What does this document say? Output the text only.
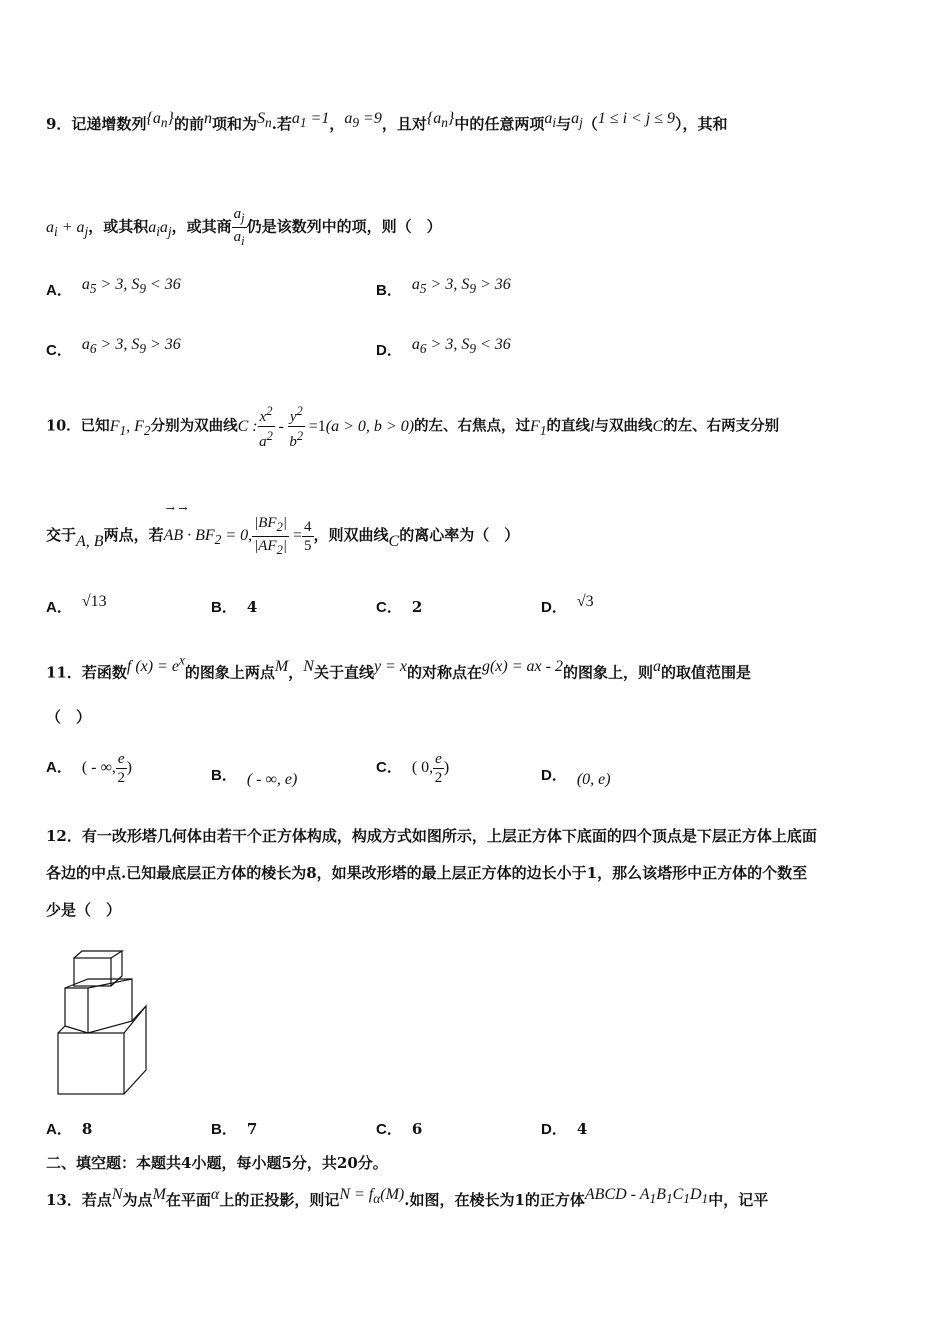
9．记递增数列$\{a_n\}$的前n项和为$S_n$.若$a_1 =1$，$a_9 =9$，且对$\{a_n\}$中的任意两项$a_i$与$a_j(1 \le i < j \le 9)$，其和
$a_i + a_j$，或其积$a_ia_j$，或其商 $\frac{a_j}{a_i}$ 仍是该数列中的项，则（　）
A． $a_5 > 3$, $S_9 < 36$	B． $a_5 > 3$, $S_9 > 36$
C． $a_6 > 3$, $S_9 > 36$	D． $a_6 > 3$, $S_9 < 36$
10．已知$F_1$, $F_2$分别为双曲线C : $\frac{x^2}{a^2} - \frac{y^2}{b^2} =1(a > 0$, b > 0)的左、右焦点，过$F_1$的直线l与双曲线C的左、右两支分别
交于A, B两点，若
→ →
AB · $BF_2 = 0$, $\frac{|BF_2|}{|AF_2|} = \frac{4}{5}$ ，则双曲线C的离心率为（　）
A． √13	B． 4	C． 2	D． √3
11．若函数f $(x) = e^x$的图象上两点M，N关于直线y = x的对称点在g(x) = ax - 2的图象上，则a的取值范围是
（　）
A． ( - ∞, $\frac{e}{2}$ )	B． ( - ∞, e)
C． ( 0, $\frac{e}{2}$ )	D． (0, e)
12．有一改形塔几何体由若干个正方体构成，构成方式如图所示，上层正方体下底面的四个顶点是下层正方体上底面
各边的中点.已知最底层正方体的棱长为8，如果改形塔的最上层正方体的边长小于1，那么该塔形中正方体的个数至
少是（　）
A． 8	B． 7	C． 6	D． 4
二、填空题：本题共4小题，每小题5分，共20分。
13．若点N为点M在平面α上的正投影，则记$N = f_\alpha(M)$.如图，在棱长为1的正方体ABCD - $A_1B_1C_1D_1$中，记平
